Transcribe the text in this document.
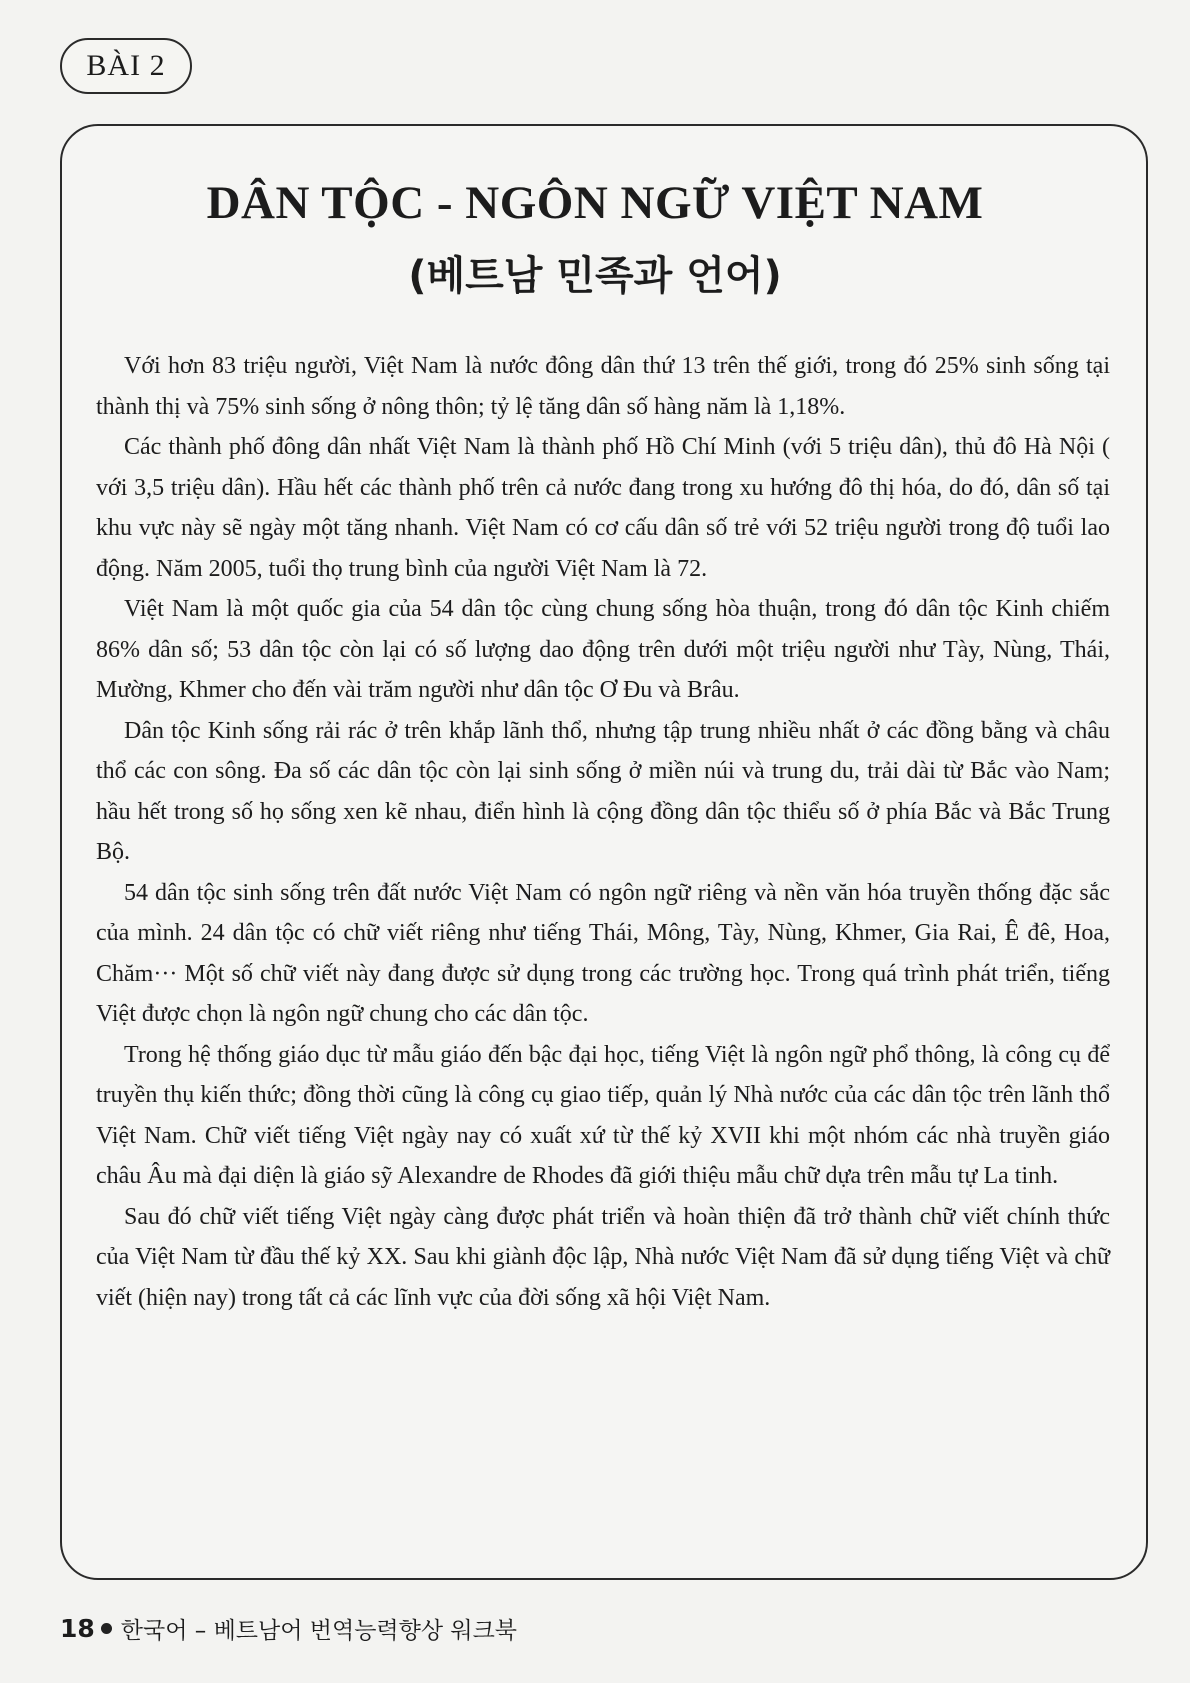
BÀI 2
DÂN TỘC - NGÔN NGỮ VIỆT NAM
(베트남 민족과 언어)

Với hơn 83 triệu người, Việt Nam là nước đông dân thứ 13 trên thế giới, trong đó 25% sinh sống tại thành thị và 75% sinh sống ở nông thôn; tỷ lệ tăng dân số hàng năm là 1,18%.

Các thành phố đông dân nhất Việt Nam là thành phố Hồ Chí Minh (với 5 triệu dân), thủ đô Hà Nội ( với 3,5 triệu dân). Hầu hết các thành phố trên cả nước đang trong xu hướng đô thị hóa, do đó, dân số tại khu vực này sẽ ngày một tăng nhanh. Việt Nam có cơ cấu dân số trẻ với 52 triệu người trong độ tuổi lao động. Năm 2005, tuổi thọ trung bình của người Việt Nam là 72.

Việt Nam là một quốc gia của 54 dân tộc cùng chung sống hòa thuận, trong đó dân tộc Kinh chiếm 86% dân số; 53 dân tộc còn lại có số lượng dao động trên dưới một triệu người như Tày, Nùng, Thái, Mường, Khmer cho đến vài trăm người như dân tộc Ơ Đu và Brâu.

Dân tộc Kinh sống rải rác ở trên khắp lãnh thổ, nhưng tập trung nhiều nhất ở các đồng bằng và châu thổ các con sông. Đa số các dân tộc còn lại sinh sống ở miền núi và trung du, trải dài từ Bắc vào Nam; hầu hết trong số họ sống xen kẽ nhau, điển hình là cộng đồng dân tộc thiểu số ở phía Bắc và Bắc Trung Bộ.

54 dân tộc sinh sống trên đất nước Việt Nam có ngôn ngữ riêng và nền văn hóa truyền thống đặc sắc của mình. 24 dân tộc có chữ viết riêng như tiếng Thái, Mông, Tày, Nùng, Khmer, Gia Rai, Ê đê, Hoa, Chăm··· Một số chữ viết này đang được sử dụng trong các trường học. Trong quá trình phát triển, tiếng Việt được chọn là ngôn ngữ chung cho các dân tộc.

Trong hệ thống giáo dục từ mẫu giáo đến bậc đại học, tiếng Việt là ngôn ngữ phổ thông, là công cụ để truyền thụ kiến thức; đồng thời cũng là công cụ giao tiếp, quản lý Nhà nước của các dân tộc trên lãnh thổ Việt Nam. Chữ viết tiếng Việt ngày nay có xuất xứ từ thế kỷ XVII khi một nhóm các nhà truyền giáo châu Âu mà đại diện là giáo sỹ Alexandre de Rhodes đã giới thiệu mẫu chữ dựa trên mẫu tự La tinh.

Sau đó chữ viết tiếng Việt ngày càng được phát triển và hoàn thiện đã trở thành chữ viết chính thức của Việt Nam từ đầu thế kỷ XX. Sau khi giành độc lập, Nhà nước Việt Nam đã sử dụng tiếng Việt và chữ viết (hiện nay) trong tất cả các lĩnh vực của đời sống xã hội Việt Nam.

18 한국어 – 베트남어 번역능력향상 워크북
